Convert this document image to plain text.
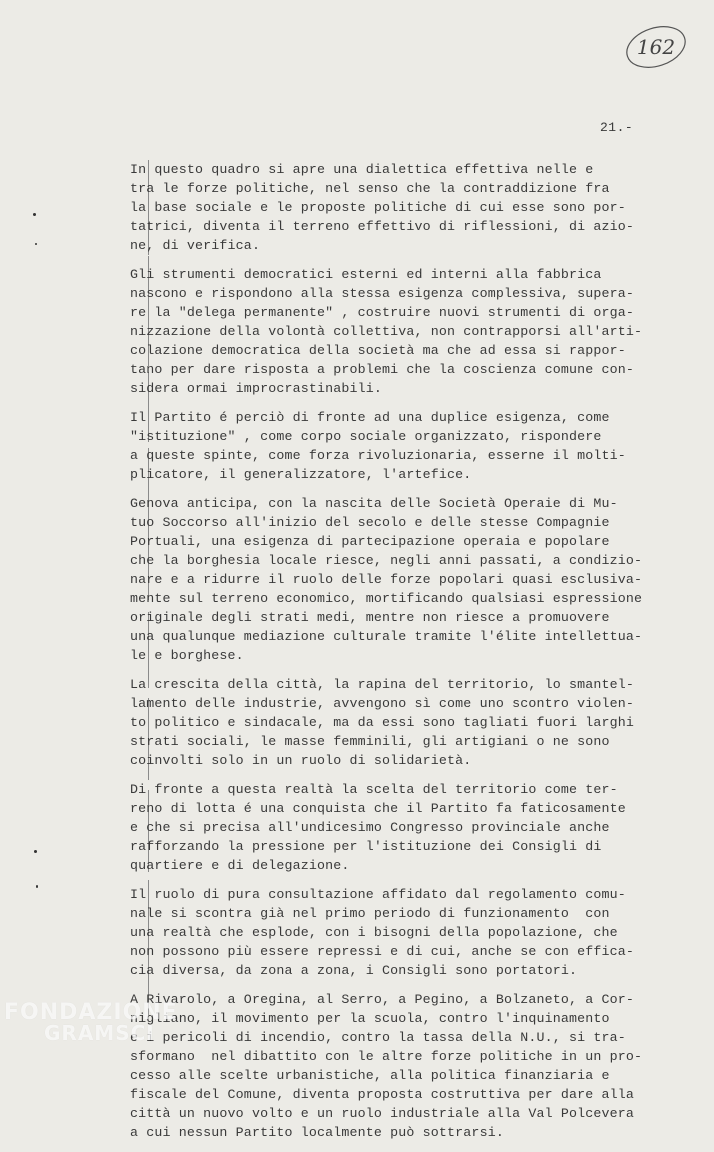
162
21.-
In questo quadro si apre una dialettica effettiva nelle e
tra le forze politiche, nel senso che la contraddizione fra
la base sociale e le proposte politiche di cui esse sono por-
tatrici, diventa il terreno effettivo di riflessioni, di azio-
ne, di verifica.
Gli strumenti democratici esterni ed interni alla fabbrica
nascono e rispondono alla stessa esigenza complessiva, supera-
re la "delega permanente" , costruire nuovi strumenti di orga-
nizzazione della volontà collettiva, non contrapporsi all'arti-
colazione democratica della società ma che ad essa si rappor-
tano per dare risposta a problemi che la coscienza comune con-
sidera ormai improcrastinabili.
Il Partito é perciò di fronte ad una duplice esigenza, come
"istituzione" , come corpo sociale organizzato, rispondere
a queste spinte, come forza rivoluzionaria, esserne il molti-
plicatore, il generalizzatore, l'artefice.
Genova anticipa, con la nascita delle Società Operaie di Mu-
tuo Soccorso all'inizio del secolo e delle stesse Compagnie
Portuali, una esigenza di partecipazione operaia e popolare
che la borghesia locale riesce, negli anni passati, a condizio-
nare e a ridurre il ruolo delle forze popolari quasi esclusiva-
mente sul terreno economico, mortificando qualsiasi espressione
originale degli strati medi, mentre non riesce a promuovere
una qualunque mediazione culturale tramite l'élite intellettua-
le e borghese.
La crescita della città, la rapina del territorio, lo smantel-
lamento delle industrie, avvengono sì come uno scontro violen-
to politico e sindacale, ma da essi sono tagliati fuori larghi
strati sociali, le masse femminili, gli artigiani o ne sono
coinvolti solo in un ruolo di solidarietà.
Di fronte a questa realtà la scelta del territorio come ter-
reno di lotta é una conquista che il Partito fa faticosamente
e che si precisa all'undicesimo Congresso provinciale anche
rafforzando la pressione per l'istituzione dei Consigli di
quartiere e di delegazione.
Il ruolo di pura consultazione affidato dal regolamento comu-
nale si scontra già nel primo periodo di funzionamento  con
una realtà che esplode, con i bisogni della popolazione, che
non possono più essere repressi e di cui, anche se con effica-
cia diversa, da zona a zona, i Consigli sono portatori.
A Rivarolo, a Oregina, al Serro, a Pegino, a Bolzaneto, a Cor-
nigliano, il movimento per la scuola, contro l'inquinamento
e i pericoli di incendio, contro la tassa della N.U., si tra-
sformano  nel dibattito con le altre forze politiche in un pro-
cesso alle scelte urbanistiche, alla politica finanziaria e
fiscale del Comune, diventa proposta costruttiva per dare alla
città un nuovo volto e un ruolo industriale alla Val Polcevera
a cui nessun Partito localmente può sottrarsi.
FONDAZIONE
GRAMSCI
